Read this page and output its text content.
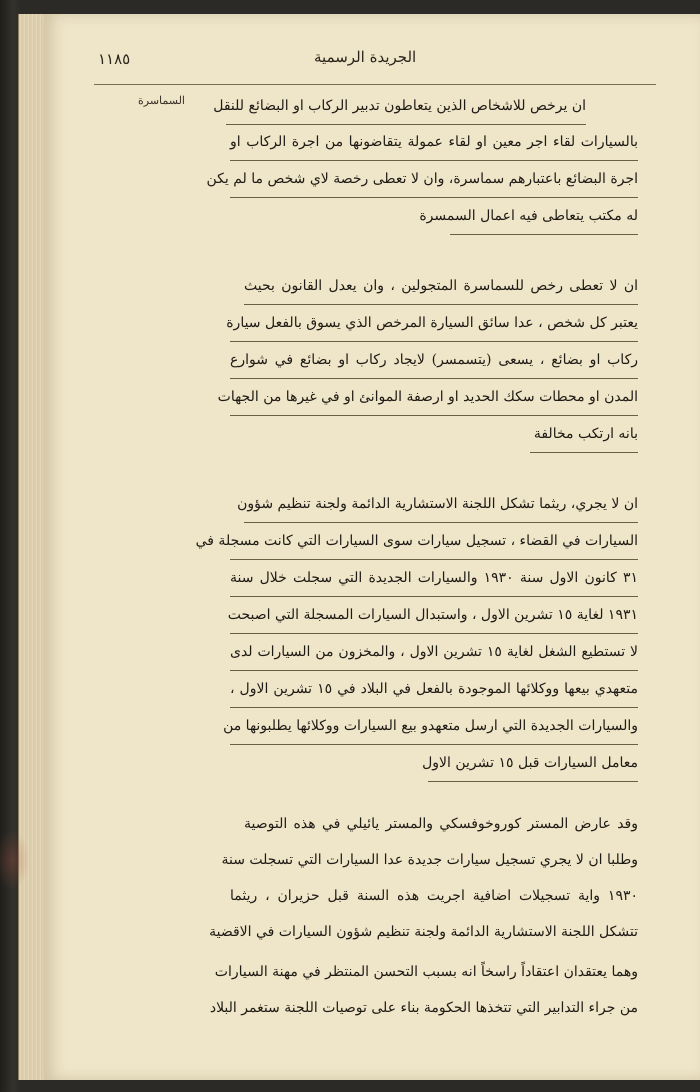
١١٨٥	الجريدة الرسمية
السماسرة ان يرخص للاشخاص الذين يتعاطون تدبير الركاب او البضائع للنقل
بالسيارات لقاء اجر معين او لقاء عمولة يتقاضونها من اجرة الركاب او
اجرة البضائع باعتبارهم سماسرة، وان لا تعطى رخصة لاي شخص ما لم يكن
له مكتب يتعاطى فيه اعمال السمسرة
ان لا تعطى رخص للسماسرة المتجولين ، وان يعدل القانون بحيث
يعتبر كل شخص ، عدا سائق السيارة المرخص الذي يسوق بالفعل سيارة
ركاب او بضائع ، يسعى (يتسمسر) لايجاد ركاب او بضائع في شوارع
المدن او محطات سكك الحديد او ارصفة الموانئ او في غيرها من الجهات
بانه ارتكب مخالفة
ان لا يجري، ريثما تشكل اللجنة الاستشارية الدائمة ولجنة تنظيم شؤون
السيارات في القضاء ، تسجيل سيارات سوى السيارات التي كانت مسجلة في
٣١ كانون الاول سنة ١٩٣٠ والسيارات الجديدة التي سجلت خلال سنة
١٩٣١ لغاية ١٥ تشرين الاول ، واستبدال السيارات المسجلة التي اصبحت
لا تستطيع الشغل لغاية ١٥ تشرين الاول ، والمخزون من السيارات لدى
متعهدي بيعها ووكلائها الموجودة بالفعل في البلاد في ١٥ تشرين الاول ،
والسيارات الجديدة التي ارسل متعهدو بيع السيارات ووكلائها يطلبونها من
معامل السيارات قبل ١٥ تشرين الاول
وقد عارض المستر كوروخوفسكي والمستر يائيلي في هذه التوصية
وطلبا ان لا يجري تسجيل سيارات جديدة عدا السيارات التي تسجلت سنة
١٩٣٠ واية تسجيلات اضافية اجريت هذه السنة قبل حزيران ، ريثما
تتشكل اللجنة الاستشارية الدائمة ولجنة تنظيم شؤون السيارات في الاقضية
وهما يعتقدان اعتقاداً راسخاً انه بسبب التحسن المنتظر في مهنة السيارات
من جراء التدابير التي تتخذها الحكومة بناء على توصيات اللجنة ستغمر البلاد
